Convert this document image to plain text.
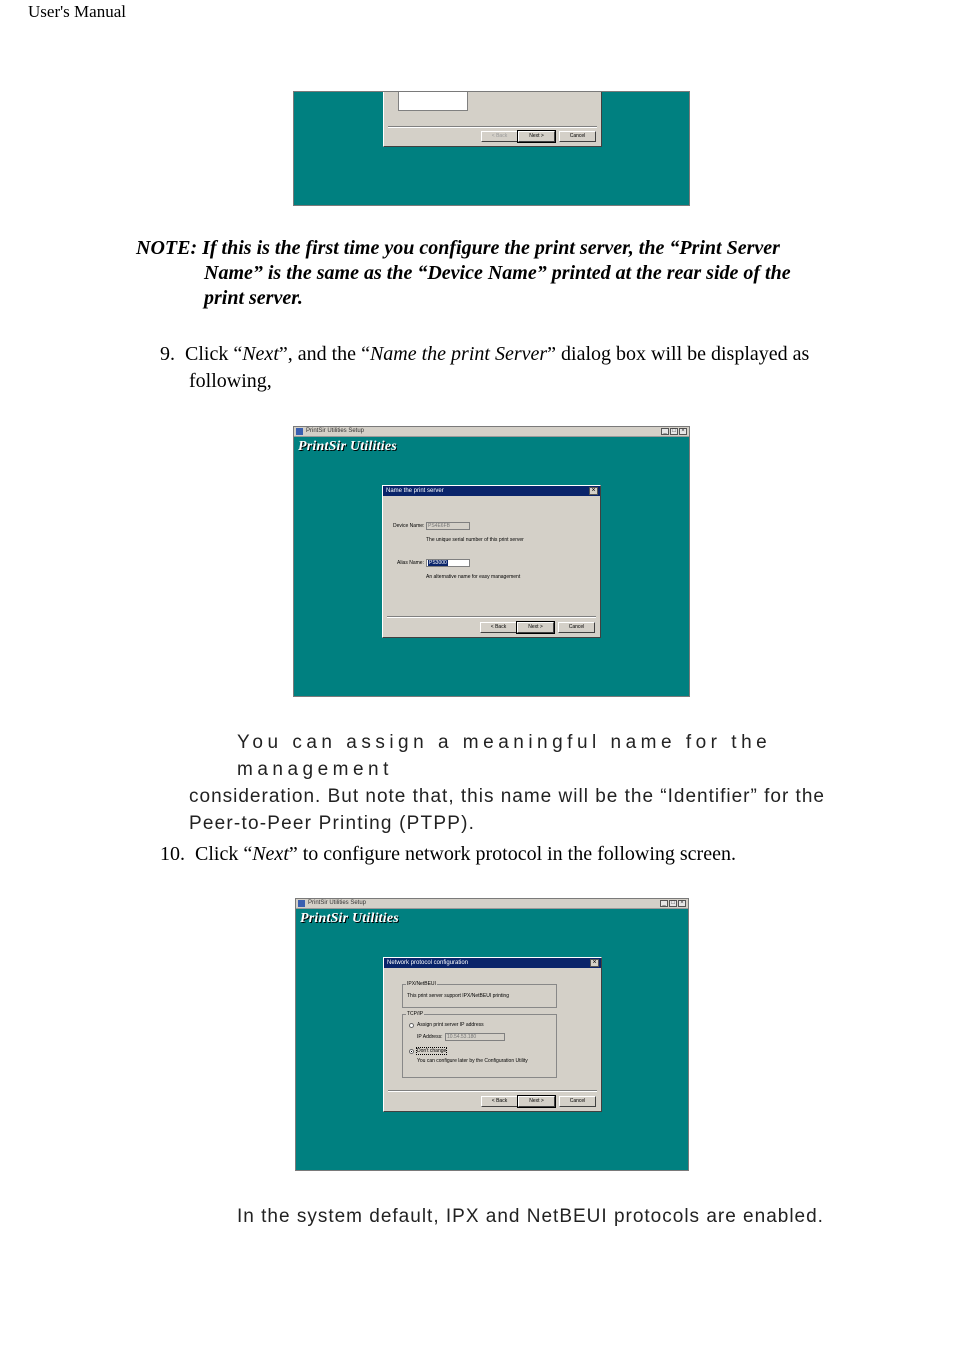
User's Manual
< Back	Next >	Cancel
NOTE: If this is the first time you configure the print server, the “Print Server
Name” is the same as the “Device Name” printed at the rear side of the
print server.
9. Click “Next”, and the “Name the print Server” dialog box will be displayed as
following,
PrintSir Utilities Setup	_ □ ×
PrintSir Utilities
Name the print server	×
Device Name: PS4E6FB
The unique serial number of this print server
Alias Name:	PS3000
An alternative name for easy management
< Back	Next >	Cancel
You can assign a meaningful name for the management
consideration. But note that, this name will be the “Identifier” for the
Peer-to-Peer Printing (PTPP).
10. Click “Next” to configure network protocol in the following screen.
PrintSir Utilities Setup	_ □ ×
PrintSir Utilities
Network protocol configuration	×
IPX/NetBEUI
This print server support IPX/NetBEUI printing
TCP/IP
Assign print server IP address
IP Address: 10.54.53.180
Don't change
You can configure later by the Configuration Utility
< Back	Next >	Cancel
In the system default, IPX and NetBEUI protocols are enabled.
